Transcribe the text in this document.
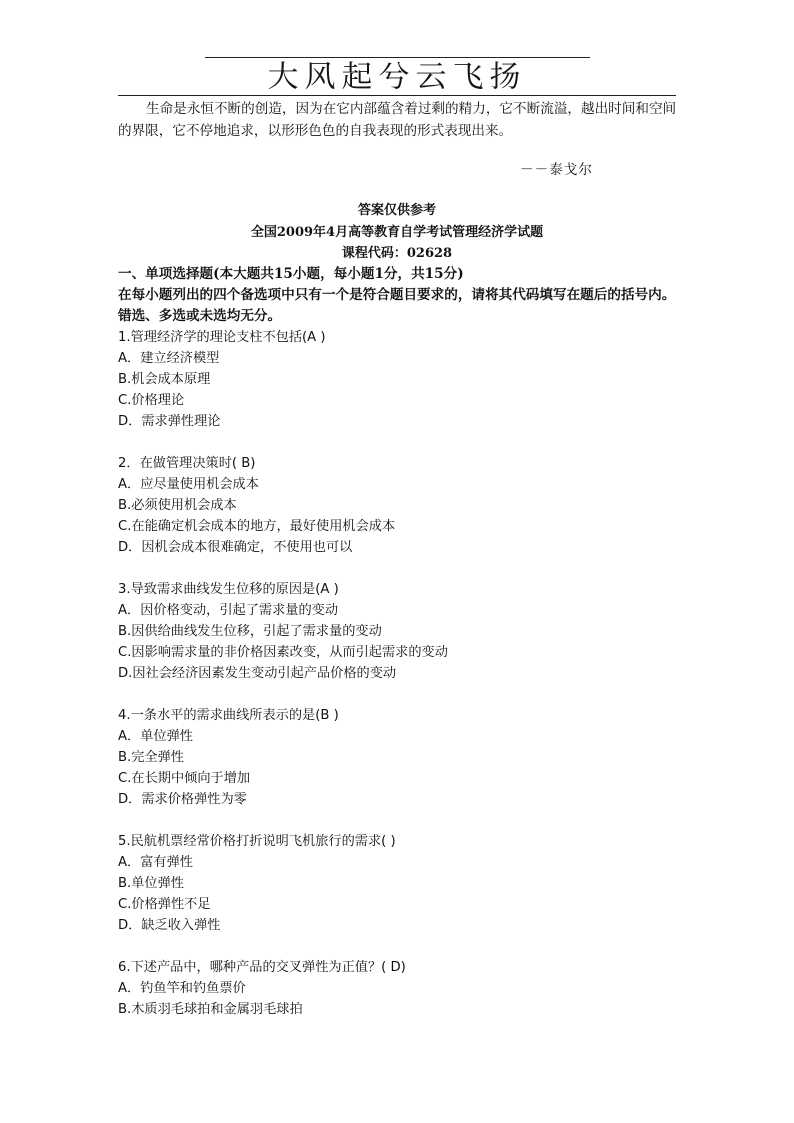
大风起兮云飞扬
生命是永恒不断的创造，因为在它内部蕴含着过剩的精力，它不断流溢，越出时间和空间的界限，它不停地追求，以形形色色的自我表现的形式表现出来。
－－泰戈尔
答案仅供参考
全国2009年4月高等教育自学考试管理经济学试题
课程代码：02628
一、单项选择题(本大题共15小题，每小题1分，共15分)
在每小题列出的四个备选项中只有一个是符合题目要求的，请将其代码填写在题后的括号内。错选、多选或未选均无分。
1.管理经济学的理论支柱不包括(A )
A．建立经济模型
B.机会成本原理
C.价格理论
D．需求弹性理论
2．在做管理决策时( B)
A．应尽量使用机会成本
B.必须使用机会成本
C.在能确定机会成本的地方，最好使用机会成本
D．因机会成本很难确定，不使用也可以
3.导致需求曲线发生位移的原因是(A )
A．因价格变动，引起了需求量的变动
B.因供给曲线发生位移，引起了需求量的变动
C.因影响需求量的非价格因素改变，从而引起需求的变动
D.因社会经济因素发生变动引起产品价格的变动
4.一条水平的需求曲线所表示的是(B )
A．单位弹性
B.完全弹性
C.在长期中倾向于增加
D．需求价格弹性为零
5.民航机票经常价格打折说明飞机旅行的需求( )
A．富有弹性
B.单位弹性
C.价格弹性不足
D．缺乏收入弹性
6.下述产品中，哪种产品的交叉弹性为正值？( D)
A．钓鱼竿和钓鱼票价
B.木质羽毛球拍和金属羽毛球拍
